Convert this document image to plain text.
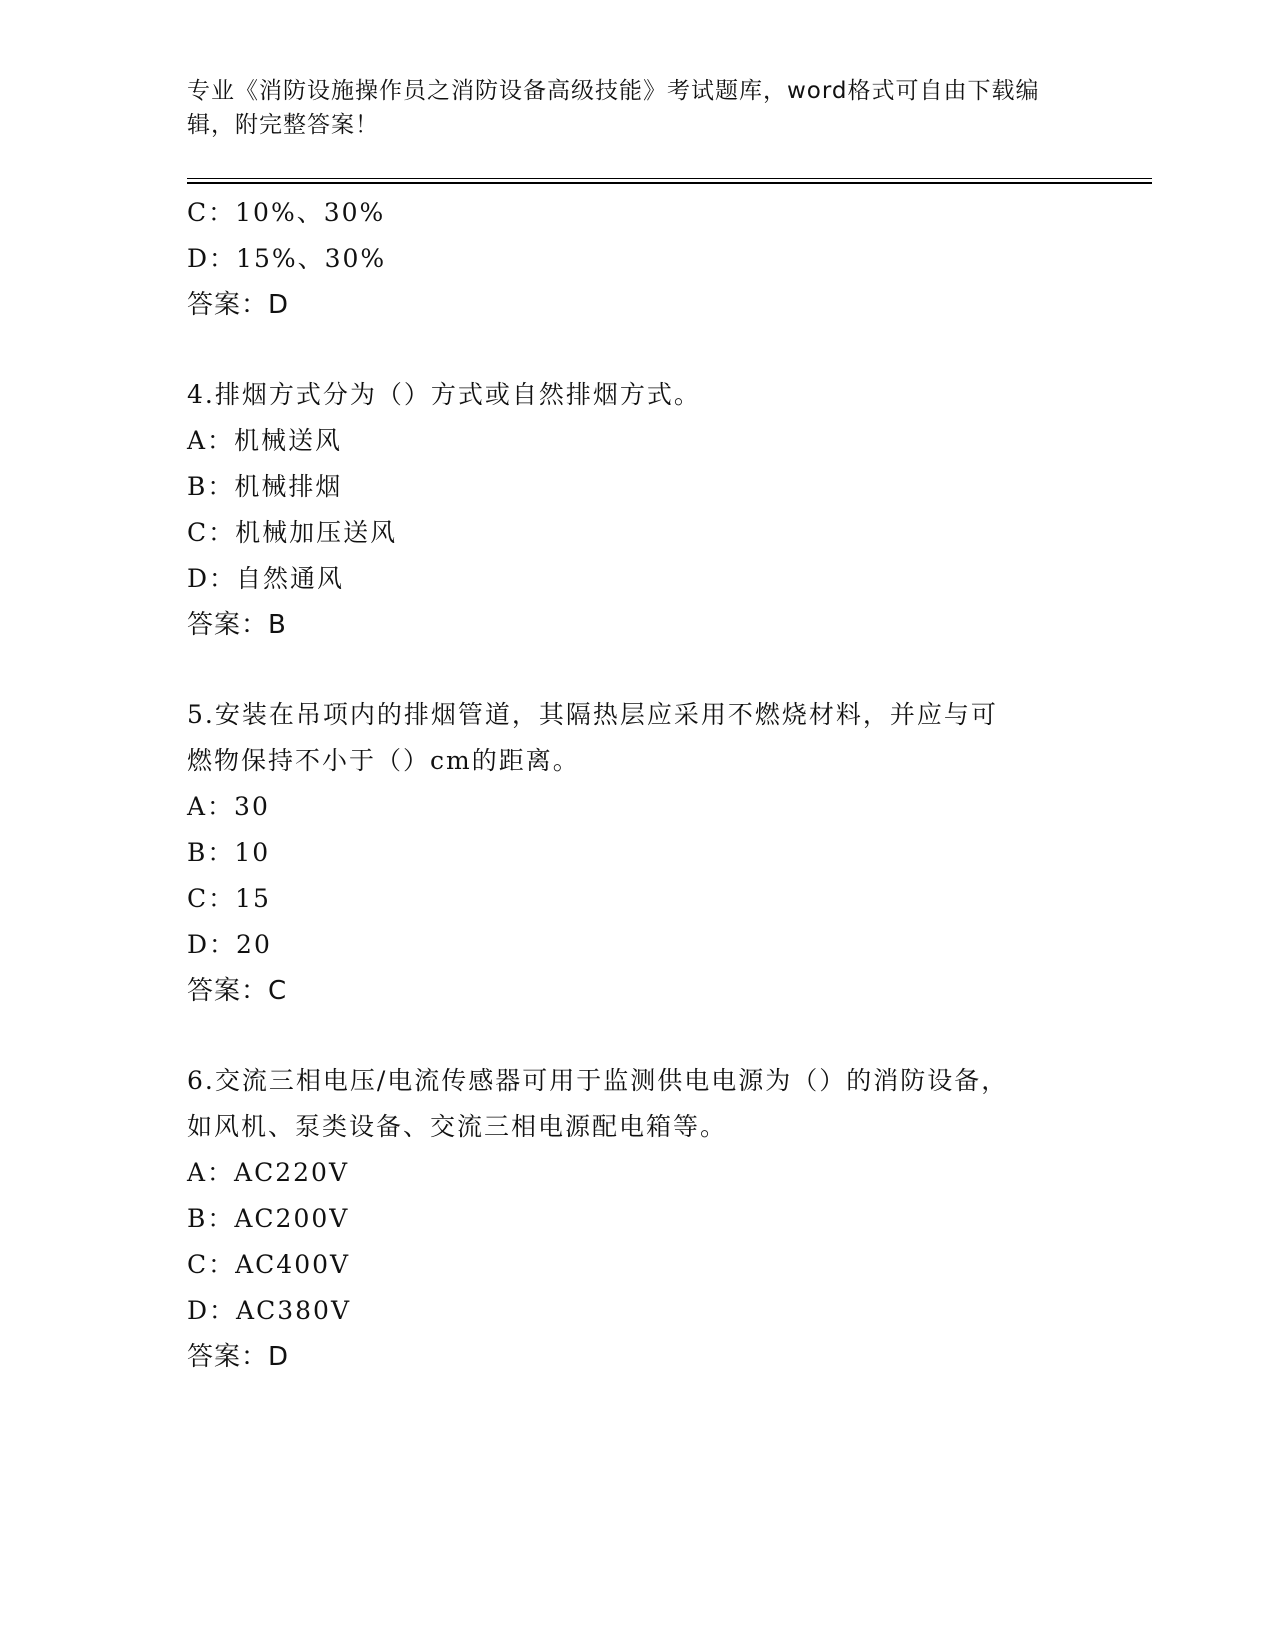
专业《消防设施操作员之消防设备高级技能》考试题库，word格式可自由下载编
辑，附完整答案！
C：10%、30%
D：15%、30%
答案：D
4.排烟方式分为（）方式或自然排烟方式。
A：机械送风
B：机械排烟
C：机械加压送风
D：自然通风
答案：B
5.安装在吊项内的排烟管道，其隔热层应采用不燃烧材料，并应与可
燃物保持不小于（）cm的距离。
A：30
B：10
C：15
D：20
答案：C
6.交流三相电压/电流传感器可用于监测供电电源为（）的消防设备，
如风机、泵类设备、交流三相电源配电箱等。
A：AC220V
B：AC200V
C：AC400V
D：AC380V
答案：D
